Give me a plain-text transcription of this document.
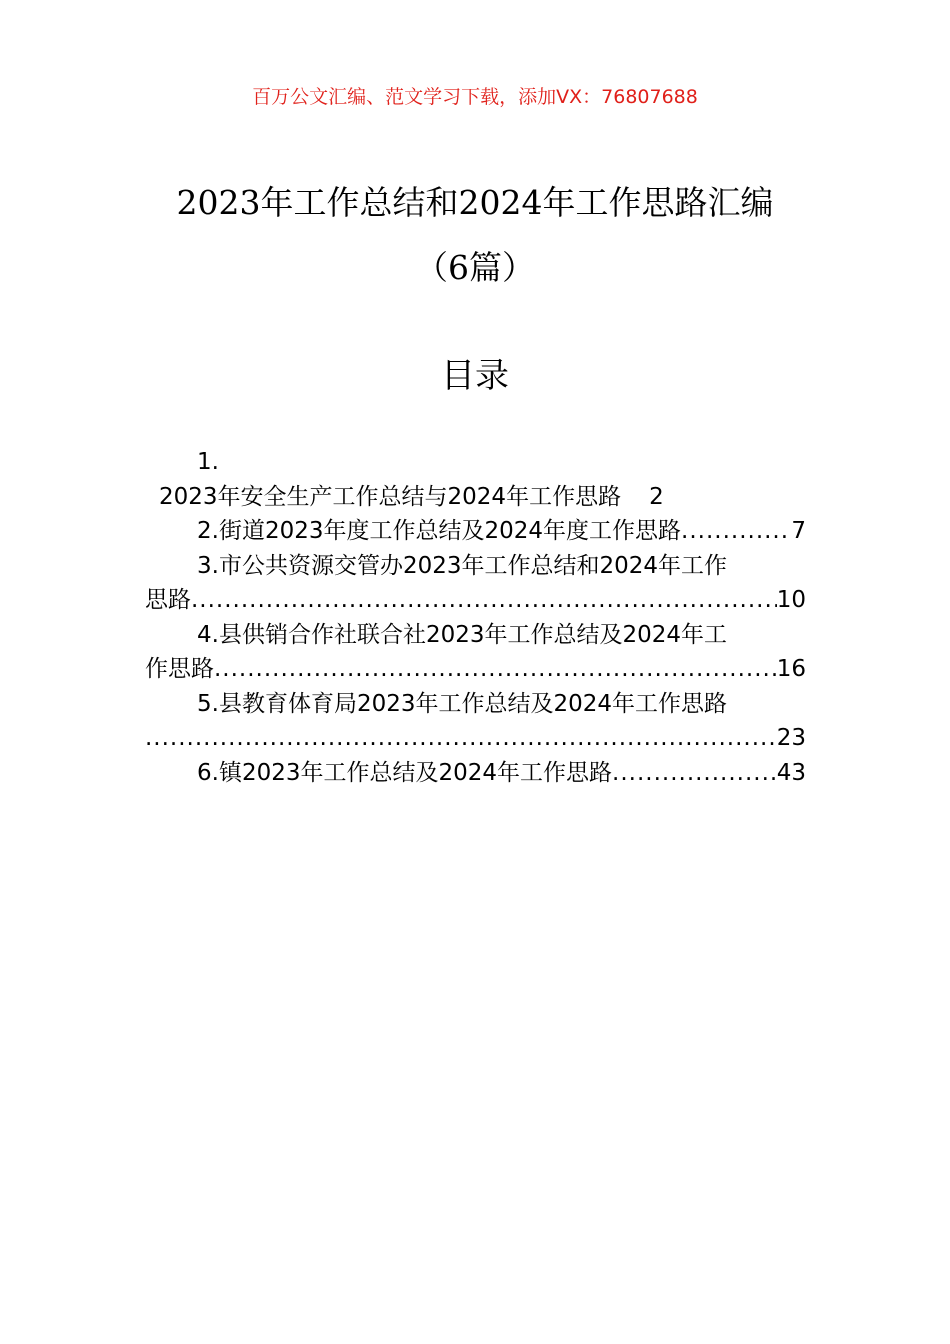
百万公文汇编、范文学习下载，添加VX：76807688
2023年工作总结和2024年工作思路汇编
（6篇）
目录
1.
2023年安全生产工作总结与2024年工作思路 2
2.街道2023年度工作总结及2024年度工作思路 .....	7
3.市公共资源交管办2023年工作总结和2024年工作
思路 .....	10
4.县供销合作社联合社2023年工作总结及2024年工
作思路 .....	16
5.县教育体育局2023年工作总结及2024年工作思路
.....
23
6.镇2023年工作总结及2024年工作思路 .....	43
